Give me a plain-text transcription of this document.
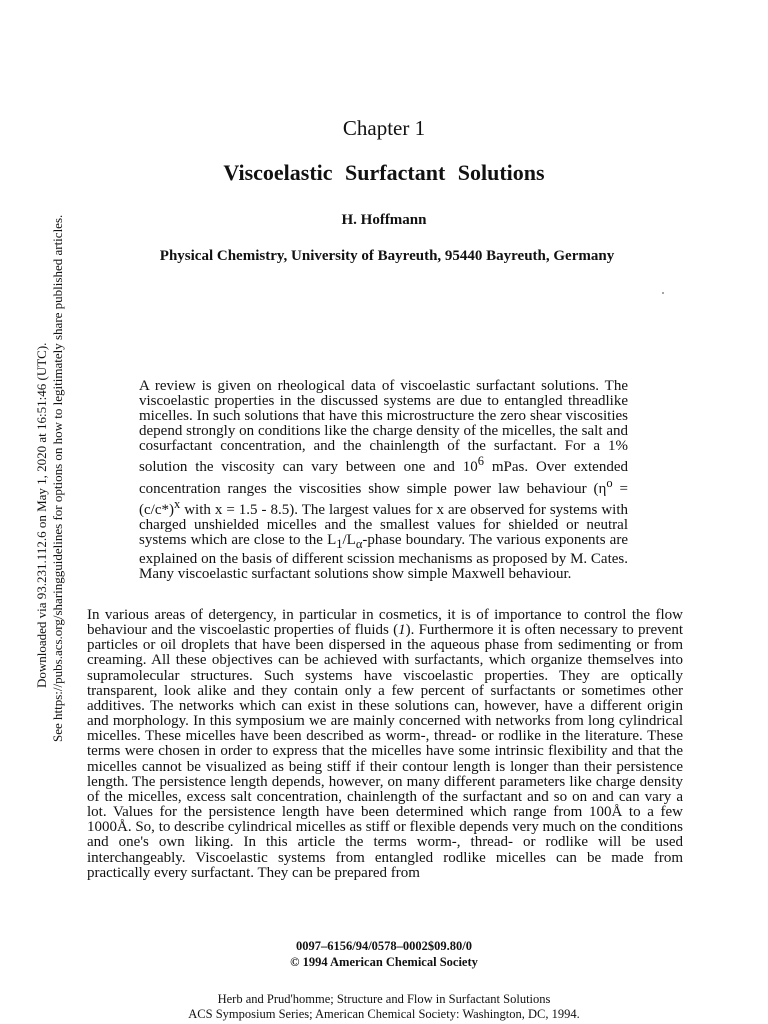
Downloaded via 93.231.112.6 on May 1, 2020 at 16:51:46 (UTC). See https://pubs.acs.org/sharingguidelines for options on how to legitimately share published articles.
Chapter 1
Viscoelastic Surfactant Solutions
H. Hoffmann
Physical Chemistry, University of Bayreuth, 95440 Bayreuth, Germany
A review is given on rheological data of viscoelastic surfactant solutions. The viscoelastic properties in the discussed systems are due to entangled threadlike micelles. In such solutions that have this microstructure the zero shear viscosities depend strongly on conditions like the charge density of the micelles, the salt and cosurfactant concentration, and the chainlength of the surfactant. For a 1% solution the viscosity can vary between one and $10^6$ mPas. Over extended concentration ranges the viscosities show simple power law behaviour ($\eta^o = (c/c*)^x$ with x = 1.5 - 8.5). The largest values for x are observed for systems with charged unshielded micelles and the smallest values for shielded or neutral systems which are close to the $L_1/L_\alpha$-phase boundary. The various exponents are explained on the basis of different scission mechanisms as proposed by M. Cates. Many viscoelastic surfactant solutions show simple Maxwell behaviour.
In various areas of detergency, in particular in cosmetics, it is of importance to control the flow behaviour and the viscoelastic properties of fluids (1). Furthermore it is often necessary to prevent particles or oil droplets that have been dispersed in the aqueous phase from sedimenting or from creaming. All these objectives can be achieved with surfactants, which organize themselves into supramolecular structures. Such systems have viscoelastic properties. They are optically transparent, look alike and they contain only a few percent of surfactants or sometimes other additives. The networks which can exist in these solutions can, however, have a different origin and morphology. In this symposium we are mainly concerned with networks from long cylindrical micelles. These micelles have been described as worm-, thread- or rodlike in the literature. These terms were chosen in order to express that the micelles have some intrinsic flexibility and that the micelles cannot be visualized as being stiff if their contour length is longer than their persistence length. The persistence length depends, however, on many different parameters like charge density of the micelles, excess salt concentration, chainlength of the surfactant and so on and can vary a lot. Values for the persistence length have been determined which range from 100Å to a few 1000Å. So, to describe cylindrical micelles as stiff or flexible depends very much on the conditions and one's own liking. In this article the terms worm-, thread- or rodlike will be used interchangeably. Viscoelastic systems from entangled rodlike micelles can be made from practically every surfactant. They can be prepared from
0097–6156/94/0578–0002$09.80/0
© 1994 American Chemical Society
Herb and Prud'homme; Structure and Flow in Surfactant Solutions
ACS Symposium Series; American Chemical Society: Washington, DC, 1994.
